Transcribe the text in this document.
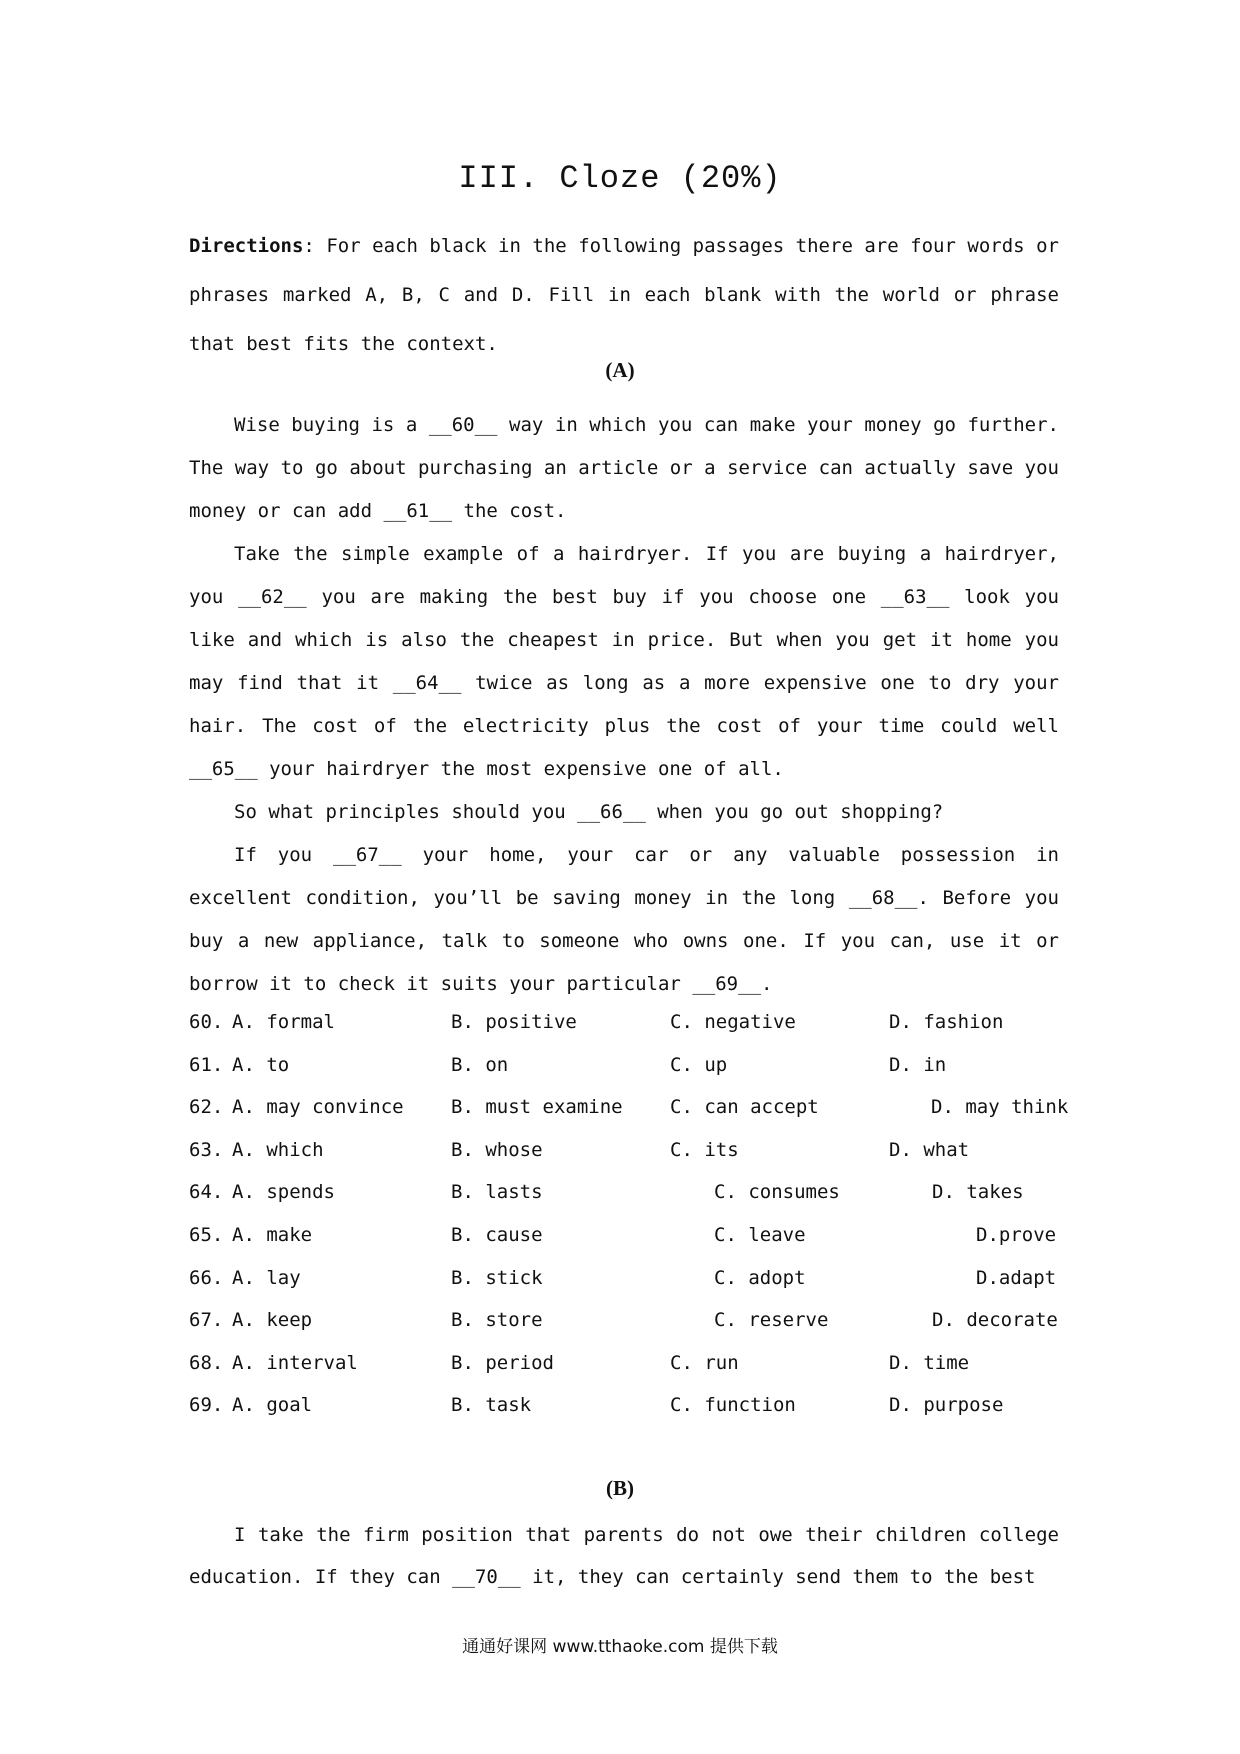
III. Cloze (20%)
Directions: For each black in the following passages there are four words or phrases marked A, B, C and D. Fill in each blank with the world or phrase that best fits the context.
(A)

Wise buying is a __60__ way in which you can make your money go further. The way to go about purchasing an article or a service can actually save you money or can add __61__ the cost.

Take the simple example of a hairdryer. If you are buying a hairdryer, you __62__ you are making the best buy if you choose one __63__ look you like and which is also the cheapest in price. But when you get it home you may find that it __64__ twice as long as a more expensive one to dry your hair. The cost of the electricity plus the cost of your time could well __65__ your hairdryer the most expensive one of all.

So what principles should you __66__ when you go out shopping?

If you __67__ your home, your car or any valuable possession in excellent condition, you’ll be saving money in the long __68__. Before you buy a new appliance, talk to someone who owns one. If you can, use it or borrow it to check it suits your particular __69__.

60. A. formal	B. positive	C. negative	D. fashion
61. A. to	B. on	C. up	D. in
62. A. may convince B. must examine C. can accept	D. may think
63. A. which	B. whose	C. its	D. what
64. A. spends	B. lasts	C. consumes	D. takes
65. A. make	B. cause	C. leave	D.prove
66. A. lay	B. stick	C. adopt	D.adapt
67. A. keep	B. store	C. reserve	D. decorate
68. A. interval	B. period	C. run	D. time
69. A. goal	B. task	C. function	D. purpose
(B)

I take the firm position that parents do not owe their children college education. If they can __70__ it, they can certainly send them to the best

通通好课网 www.tthaoke.com 提供下载
